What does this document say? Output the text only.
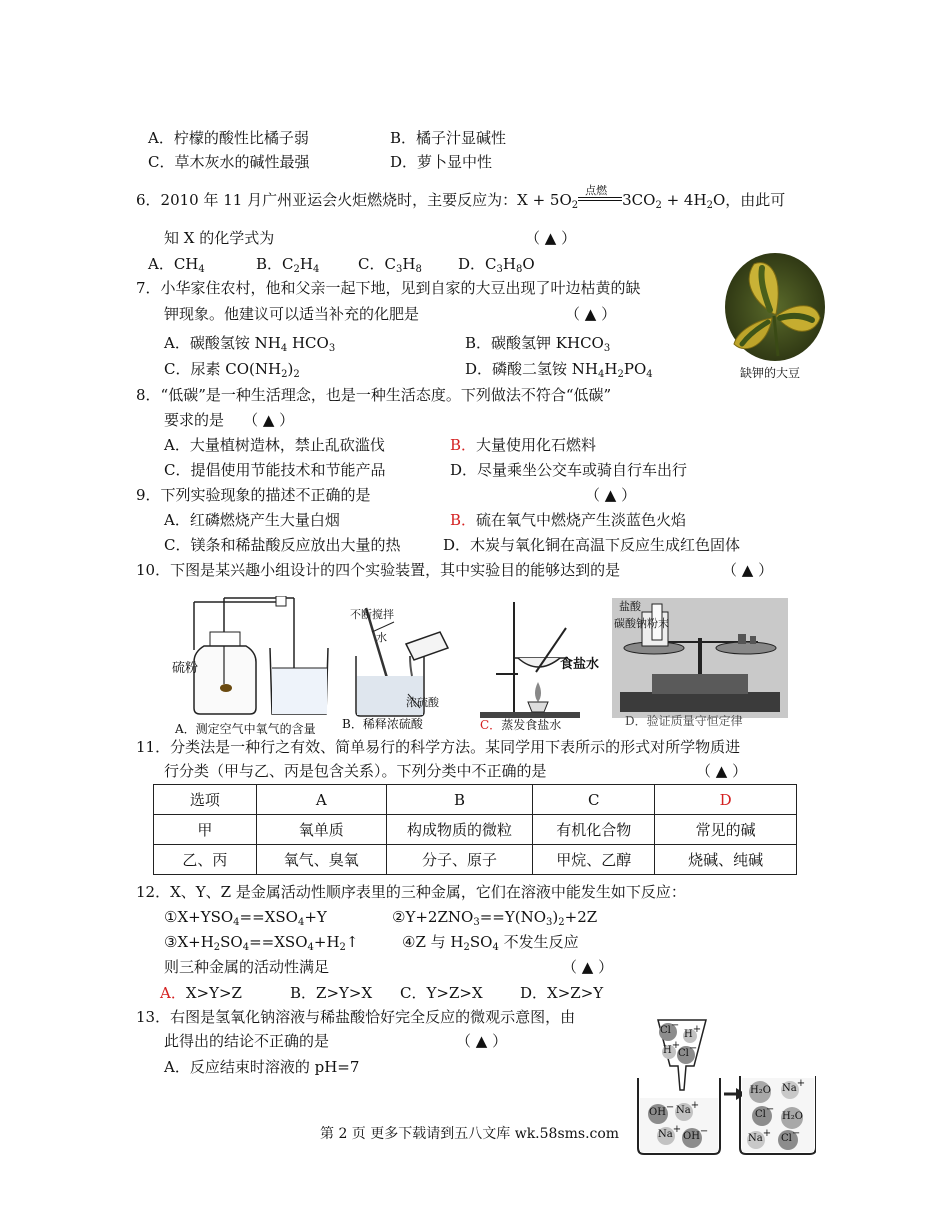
A．柠檬的酸性比橘子弱	B．橘子汁显碱性
C．草木灰水的碱性最强	D．萝卜显中性
6．2010 年 11 月广州亚运会火炬燃烧时，主要反应为：$X + 5O_2$
点燃
$3CO_2 + 4H_2O$，由此可
知 X 的化学式为	（ ▲ ）
A．$CH_4$	B．$C_2H_4$	C．$C_3H_8$ D．$C_3H_8O$
7．小华家住农村，他和父亲一起下地，见到自家的大豆出现了叶边枯黄的缺
钾现象。他建议可以适当补充的化肥是	（ ▲ ）
A．碳酸氢铵 $NH_4$ $HCO_3$	B．碳酸氢钾 $KHCO_3$
C．尿素 $CO(NH_2)_2$	D．磷酸二氢铵 $NH_4H_2PO_4$	缺钾的大豆
8．“低碳”是一种生活理念，也是一种生活态度。下列做法不符合“低碳”
要求的是 （ ▲ ）
A．大量植树造林，禁止乱砍滥伐	B．大量使用化石燃料
C．提倡使用节能技术和节能产品	D．尽量乘坐公交车或骑自行车出行
9．下列实验现象的描述不正确的是	（ ▲ ）
A．红磷燃烧产生大量白烟	B．硫在氧气中燃烧产生淡蓝色火焰
C．镁条和稀盐酸反应放出大量的热	D．木炭与氧化铜在高温下反应生成红色固体
10．下图是某兴趣小组设计的四个实验装置，其中实验目的能够达到的是	（ ▲ ）
硫粉
不断搅拌
水
浓硫酸
食盐水
盐酸
碳酸钠粉末
A．测定空气中氧气的含量 B．稀释浓硫酸	C．蒸发食盐水	D．验证质量守恒定律
11．分类法是一种行之有效、简单易行的科学方法。某同学用下表所示的形式对所学物质进
行分类（甲与乙、丙是包含关系）。下列分类中不正确的是	（ ▲ ）
选项	A	B	C	D
甲	氧单质	构成物质的微粒	有机化合物	常见的碱
乙、丙	氧气、臭氧	分子、原子	甲烷、乙醇	烧碱、纯碱
12．X、Y、Z 是金属活动性顺序表里的三种金属，它们在溶液中能发生如下反应：
$①X+YSO_4==XSO_4+Y$	$②Y+2ZNO_3==Y(NO_3)_2+2Z$
$③X+H_2SO_4==XSO_4+H_2↑$	④Z 与 $H_2SO_4$ 不发生反应
则三种金属的活动性满足	（ ▲ ）
A．X>Y>Z	B．Z>Y>X C．Y>Z>X D．X>Z>Y
13．右图是氢氧化钠溶液与稀盐酸恰好完全反应的微观示意图，由
此得出的结论不正确的是	（ ▲ ）
A．反应结束时溶液的 pH=7
Cl−
H+
H+
Cl−
OH− Na+
Na+
OH−
H₂O Na+
Cl−
H₂O
Na+ Cl−
第 2 页 更多下载请到五八文库 wk.58sms.com
